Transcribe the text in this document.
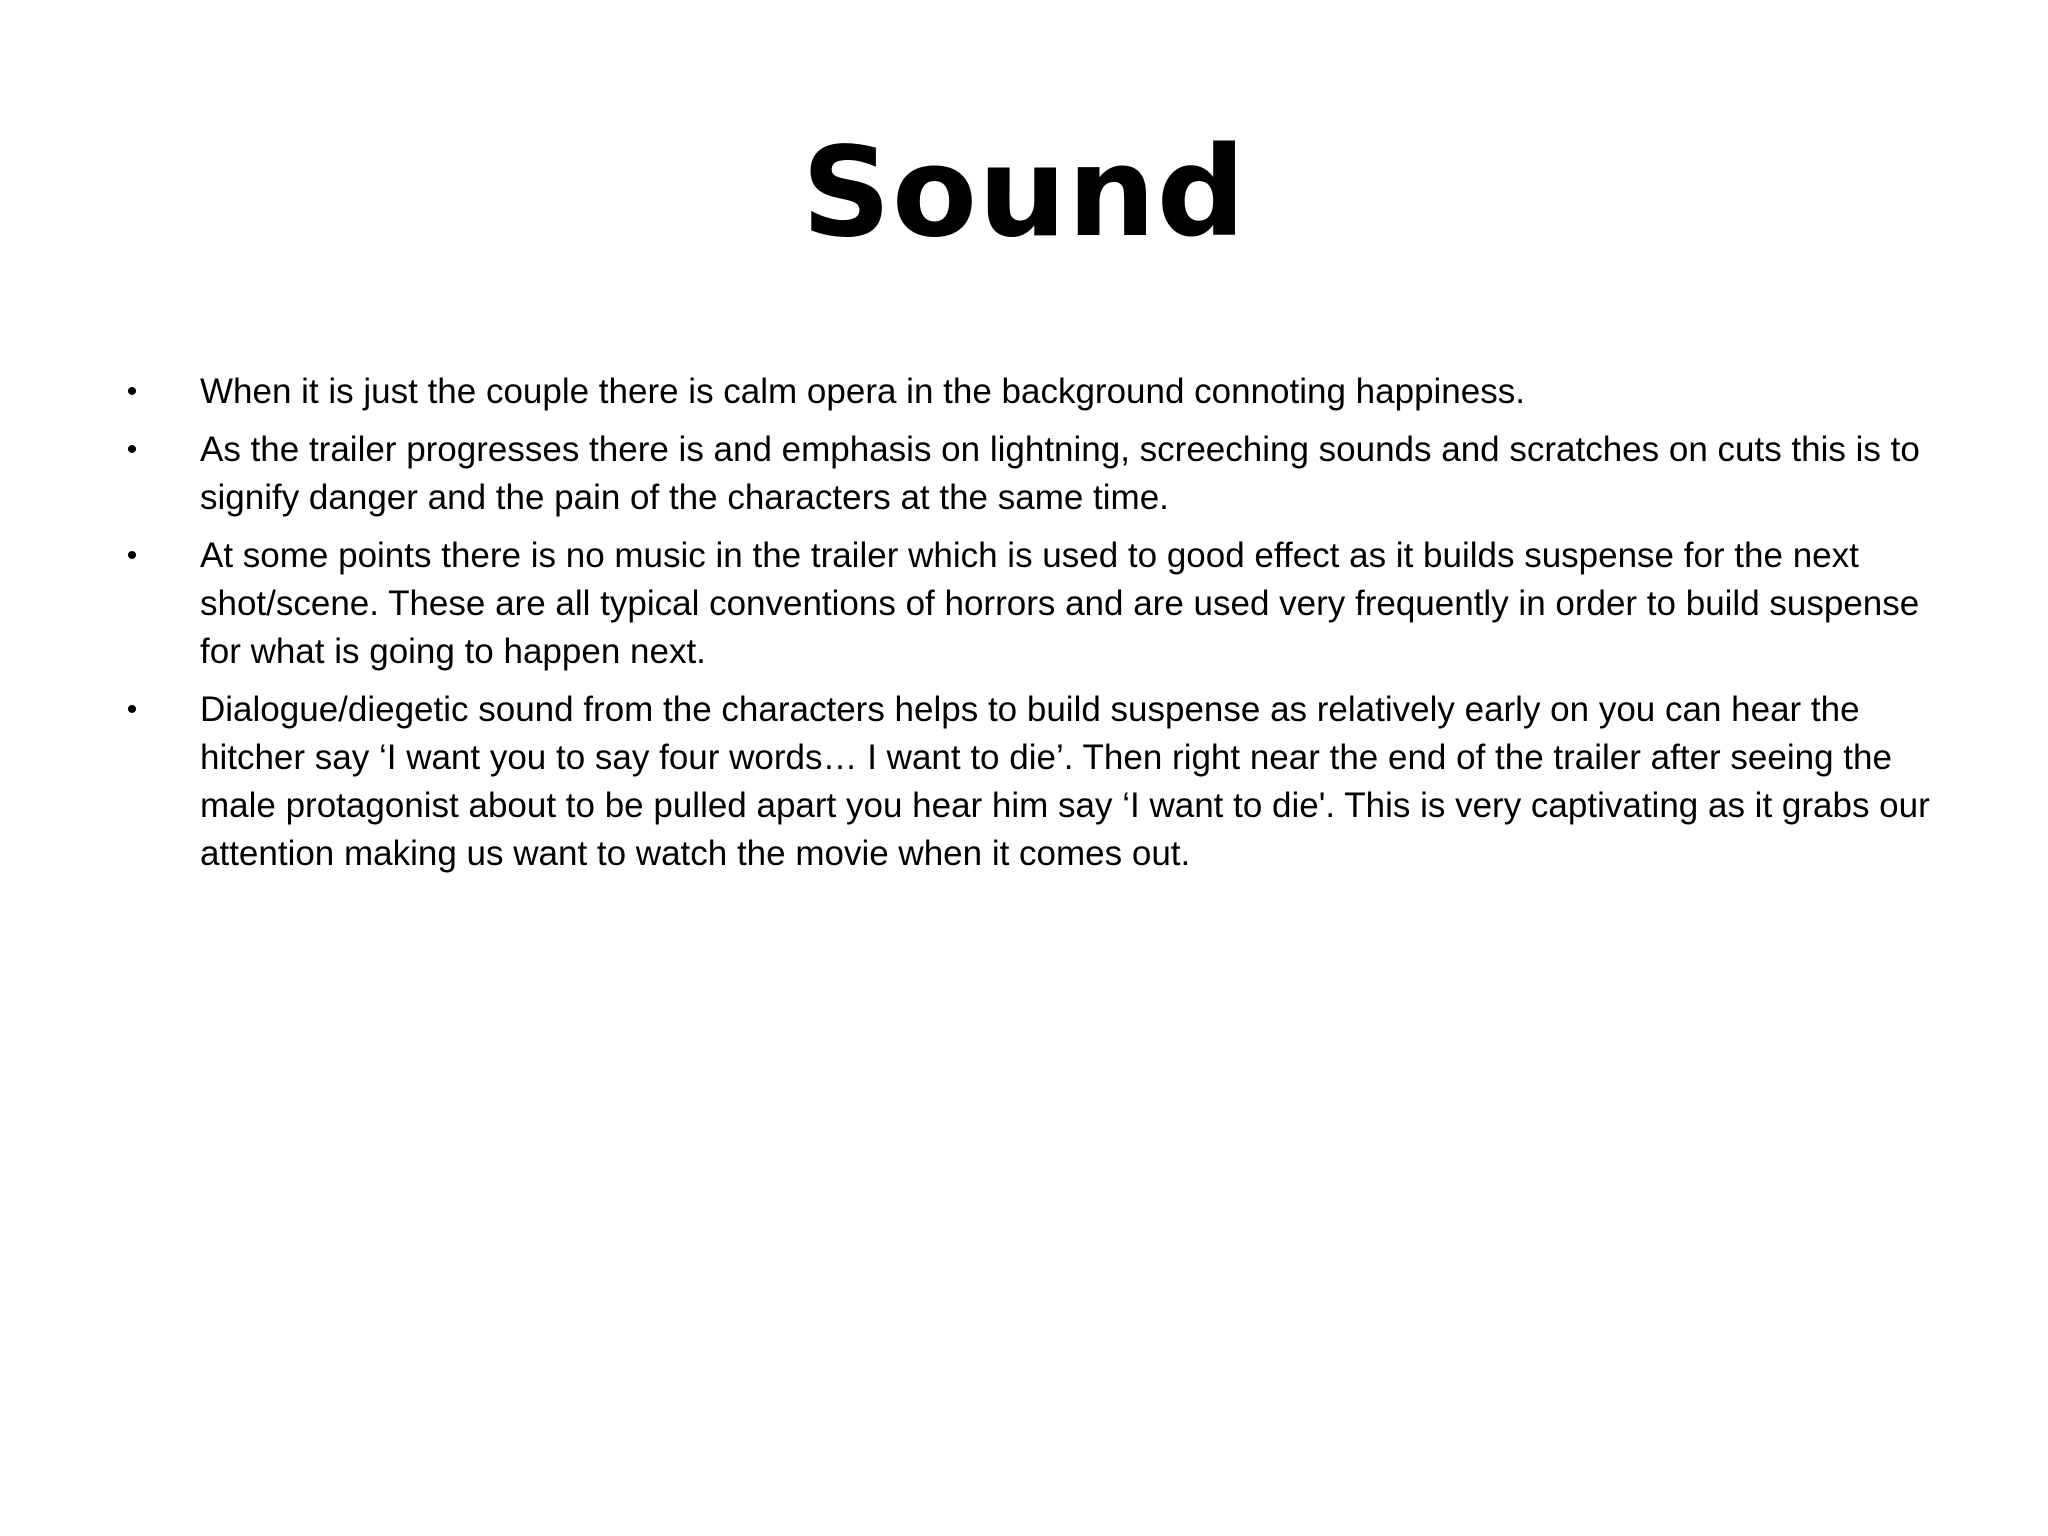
Sound
• When it is just the couple there is calm opera in the background connoting happiness.
• As the trailer progresses there is and emphasis on lightning, screeching sounds and scratches on cuts this is to signify danger and the pain of the characters at the same time.
• At some points there is no music in the trailer which is used to good effect as it builds suspense for the next shot/scene. These are all typical conventions of horrors and are used very frequently in order to build suspense for what is going to happen next.
• Dialogue/diegetic sound from the characters helps to build suspense as relatively early on you can hear the hitcher say ‘I want you to say four words… I want to die’. Then right near the end of the trailer after seeing the male protagonist about to be pulled apart you hear him say ‘I want to die'. This is very captivating as it grabs our attention making us want to watch the movie when it comes out.
